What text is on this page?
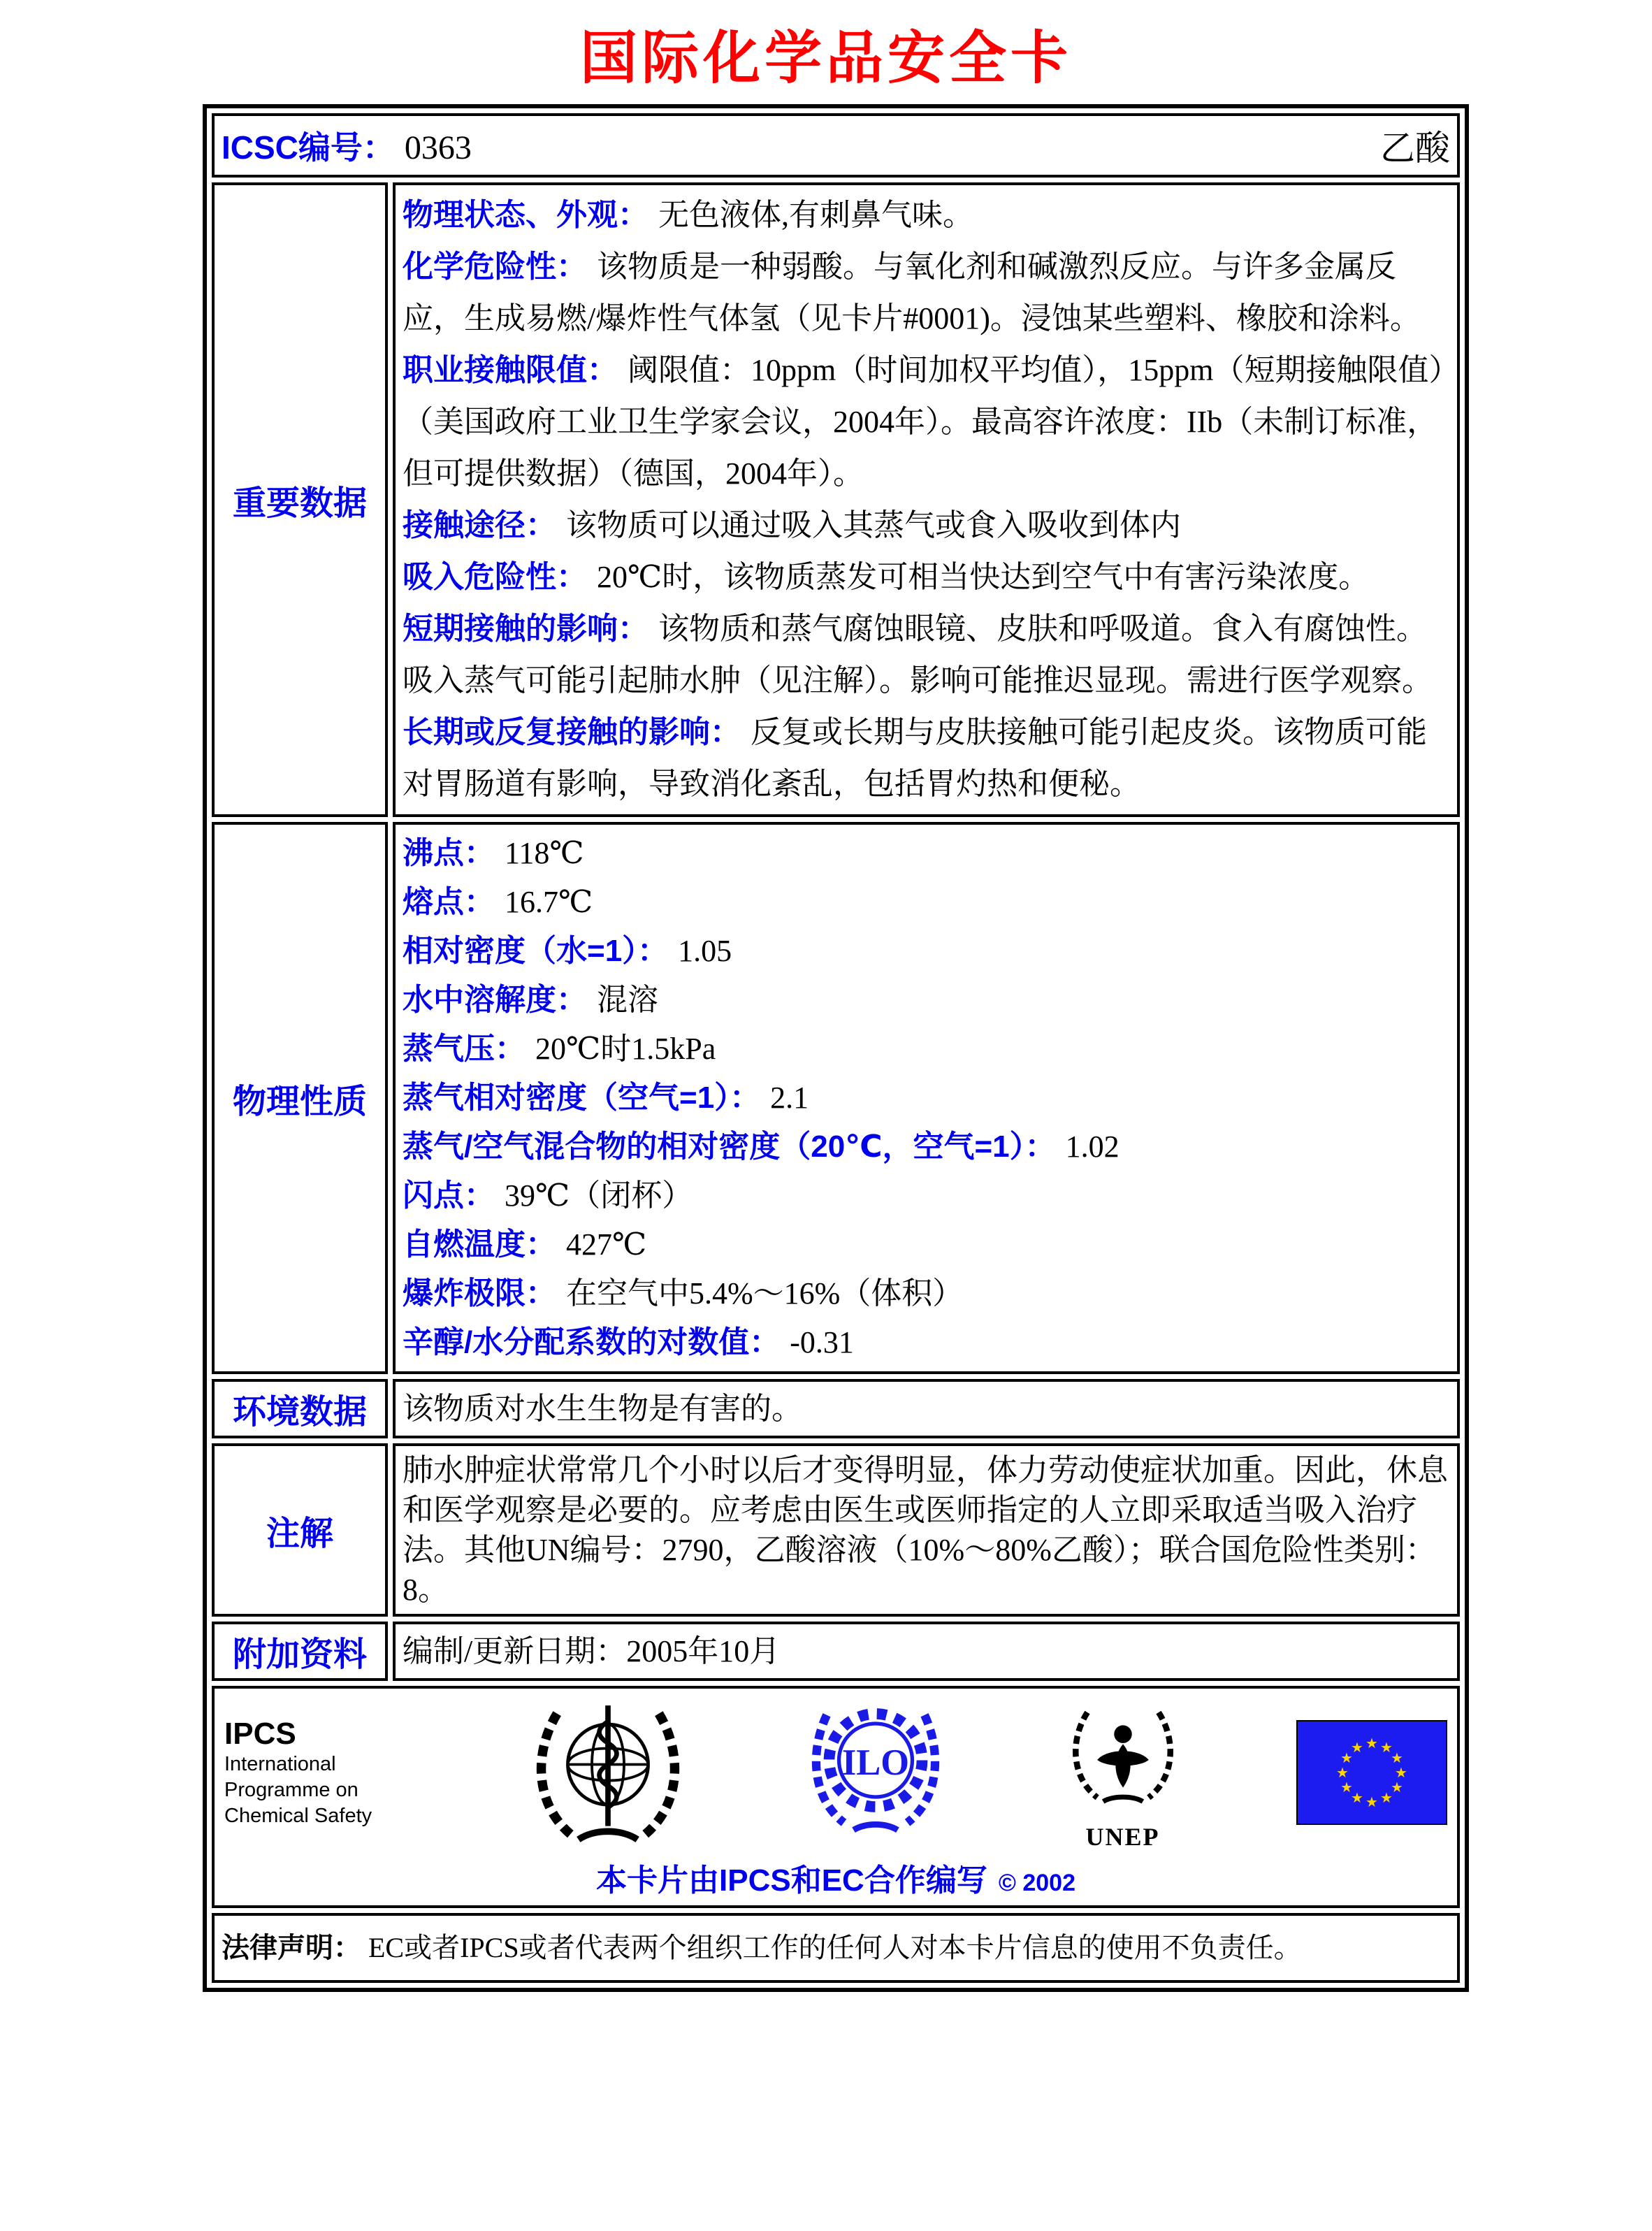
国际化学品安全卡
ICSC编号： 0363 乙酸	

重要数据	

物理状态、外观： 无色液体,有刺鼻气味。

化学危险性： 该物质是一种弱酸。与氧化剂和碱激烈反应。与许多金属反应，生成易燃/爆炸性气体氢（见卡片#0001)。浸蚀某些塑料、橡胶和涂料。

职业接触限值： 阈限值：10ppm（时间加权平均值），15ppm（短期接触限值）（美国政府工业卫生学家会议，2004年）。最高容许浓度：IIb（未制订标准，但可提供数据）（德国，2004年）。

接触途径： 该物质可以通过吸入其蒸气或食入吸收到体内

吸入危险性： 20℃时，该物质蒸发可相当快达到空气中有害污染浓度。

短期接触的影响： 该物质和蒸气腐蚀眼镜、皮肤和呼吸道。食入有腐蚀性。 吸入蒸气可能引起肺水肿（见注解）。影响可能推迟显现。需进行医学观察。

长期或反复接触的影响： 反复或长期与皮肤接触可能引起皮炎。该物质可能对胃肠道有影响，导致消化紊乱，包括胃灼热和便秘。

物理性质	

沸点： 118℃

熔点： 16.7℃

相对密度（水=1）： 1.05

水中溶解度： 混溶

蒸气压： 20℃时1.5kPa

蒸气相对密度（空气=1）： 2.1

蒸气/空气混合物的相对密度（20℃，空气=1）： 1.02

闪点： 39℃（闭杯）

自燃温度： 427℃

爆炸极限： 在空气中5.4%～16%（体积）

辛醇/水分配系数的对数值： -0.31

环境数据	该物质对水生生物是有害的。

注解	肺水肿症状常常几个小时以后才变得明显，体力劳动使症状加重。因此，休息和医学观察是必要的。应考虑由医生或医师指定的人立即采取适当吸入治疗法。其他UN编号：2790，乙酸溶液（10%～80%乙酸）；联合国危险性类别：8。

附加资料	编制/更新日期：2005年10月

IPCS
International
Programme on
Chemical Safety
ILO
UNEP
★ ★
★
★
★
★
★
★
★
★
★
★
本卡片由IPCS和EC合作编写 © 2002

法律声明： EC或者IPCS或者代表两个组织工作的任何人对本卡片信息的使用不负责任。	
